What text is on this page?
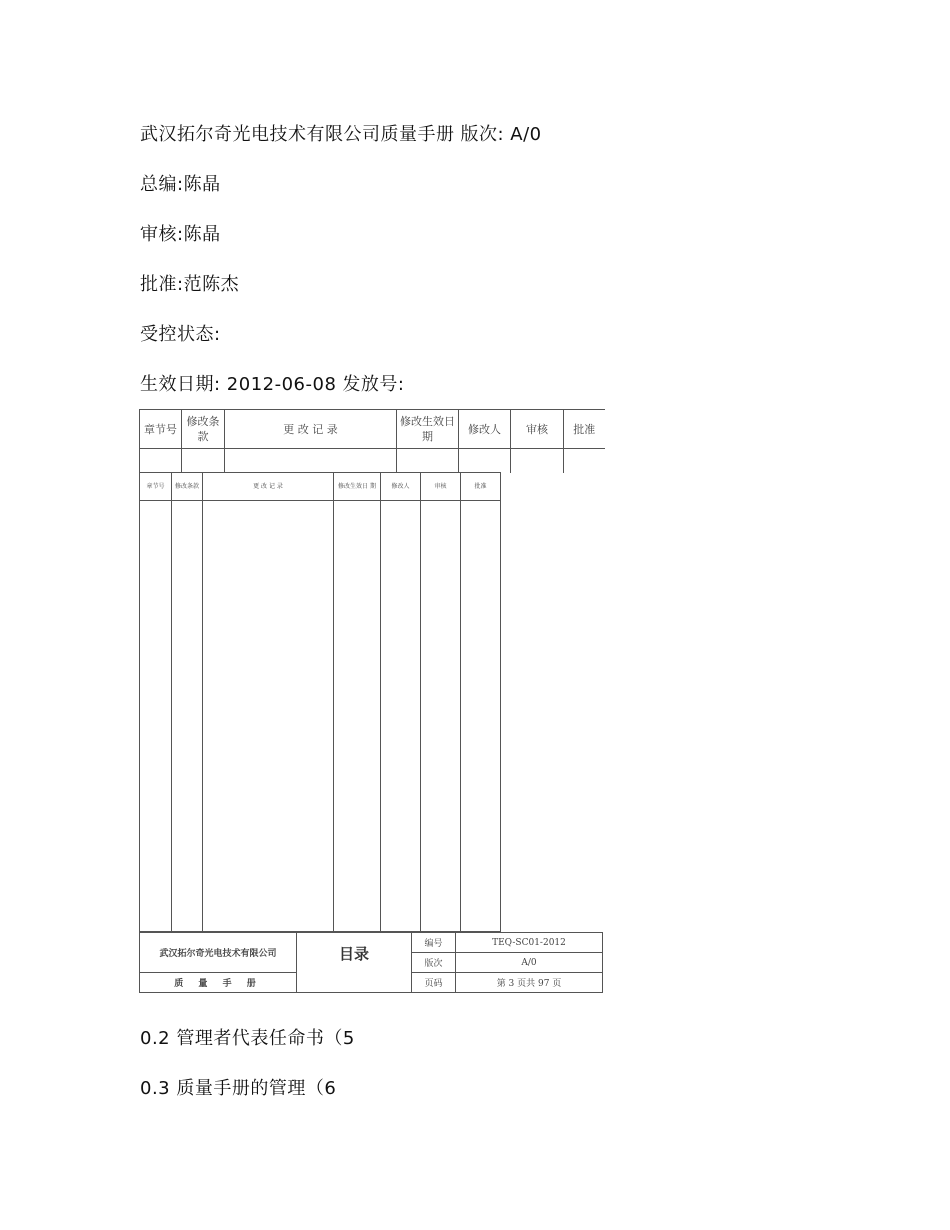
武汉拓尔奇光电技术有限公司质量手册 版次: A/0
总编:陈晶
审核:陈晶
批准:范陈杰
受控状态:
生效日期: 2012-06-08 发放号:
章节号	修改条款	更 改 记 录	修改生效日 期	修改人	审核	批准

章节号	修改条款	更 改 记 录	修改生效日 期	修改人	审核	批准

武汉拓尔奇光电技术有限公司	目录	编号	TEQ-SC01-2012
		版次	A/0
质 量 手 册		页码	第 3 页共 97 页
0.2 管理者代表任命书（5
0.3 质量手册的管理（6
